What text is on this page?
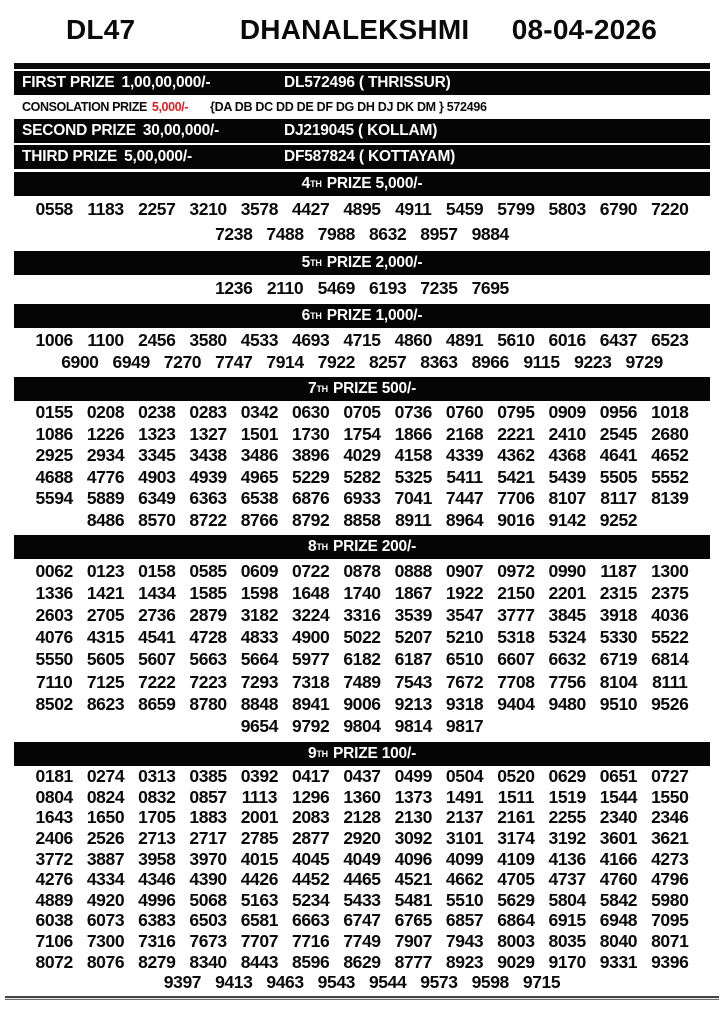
DL47	DHANALEKSHMI 08-04-2026
FIRST PRIZE 1,00,00,000/-	DL572496 ( THRISSUR)
CONSOLATION PRIZE 5,000/- {DA DB DC DD DE DF DG DH DJ DK DM } 572496
SECOND PRIZE 30,00,000/-	DJ219045 ( KOLLAM)
THIRD PRIZE 5,00,000/-	DF587824 ( KOTTAYAM)
4 TH PRIZE 5,000/-
0558 1183 2257 3210 3578 4427 4895 4911 5459 5799 5803 6790 7220
7238 7488 7988 8632 8957 9884
5 TH PRIZE 2,000/-
1236 2110 5469 6193 7235 7695
6 TH PRIZE 1,000/-
1006 1100 2456 3580 4533 4693 4715 4860 4891 5610 6016 6437 6523
6900 6949 7270 7747 7914 7922 8257 8363 8966 9115 9223 9729
7 TH PRIZE 500/-
0155 0208 0238 0283 0342 0630 0705 0736 0760 0795 0909 0956 1018
1086 1226 1323 1327 1501 1730 1754 1866 2168 2221 2410 2545 2680
2925 2934 3345 3438 3486 3896 4029 4158 4339 4362 4368 4641 4652
4688 4776 4903 4939 4965 5229 5282 5325 5411 5421 5439 5505 5552
5594 5889 6349 6363 6538 6876 6933 7041 7447 7706 8107 8117 8139
8486 8570 8722 8766 8792 8858 8911 8964 9016 9142 9252
8 TH PRIZE 200/-
0062 0123 0158 0585 0609 0722 0878 0888 0907 0972 0990 1187 1300
1336 1421 1434 1585 1598 1648 1740 1867 1922 2150 2201 2315 2375
2603 2705 2736 2879 3182 3224 3316 3539 3547 3777 3845 3918 4036
4076 4315 4541 4728 4833 4900 5022 5207 5210 5318 5324 5330 5522
5550 5605 5607 5663 5664 5977 6182 6187 6510 6607 6632 6719 6814
7110 7125 7222 7223 7293 7318 7489 7543 7672 7708 7756 8104 8111
8502 8623 8659 8780 8848 8941 9006 9213 9318 9404 9480 9510 9526
9654 9792 9804 9814 9817
9 TH PRIZE 100/-
0181 0274 0313 0385 0392 0417 0437 0499 0504 0520 0629 0651 0727
0804 0824 0832 0857 1113 1296 1360 1373 1491 1511 1519 1544 1550
1643 1650 1705 1883 2001 2083 2128 2130 2137 2161 2255 2340 2346
2406 2526 2713 2717 2785 2877 2920 3092 3101 3174 3192 3601 3621
3772 3887 3958 3970 4015 4045 4049 4096 4099 4109 4136 4166 4273
4276 4334 4346 4390 4426 4452 4465 4521 4662 4705 4737 4760 4796
4889 4920 4996 5068 5163 5234 5433 5481 5510 5629 5804 5842 5980
6038 6073 6383 6503 6581 6663 6747 6765 6857 6864 6915 6948 7095
7106 7300 7316 7673 7707 7716 7749 7907 7943 8003 8035 8040 8071
8072 8076 8279 8340 8443 8596 8629 8777 8923 9029 9170 9331 9396
9397 9413 9463 9543 9544 9573 9598 9715
